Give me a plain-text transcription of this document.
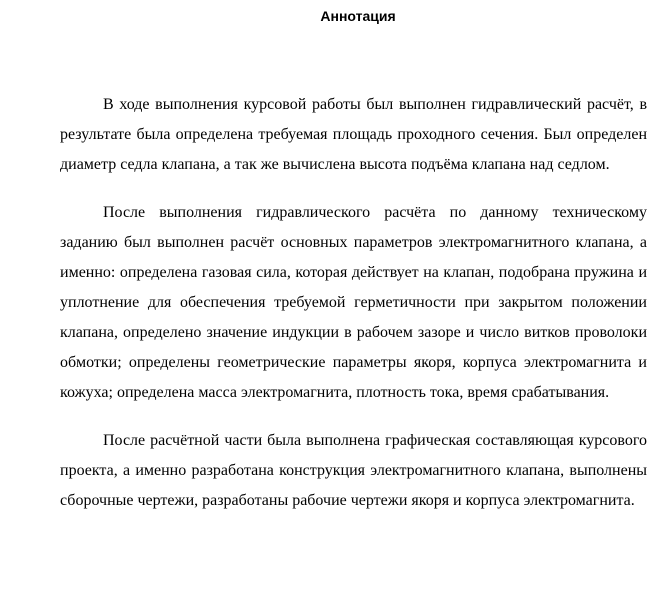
Аннотация

В ходе выполнения курсовой работы был выполнен гидравлический расчёт, в результате была определена требуемая площадь проходного сечения. Был определен диаметр седла клапана, а так же вычислена высота подъёма клапана над седлом.

После выполнения гидравлического расчёта по данному техническому заданию был выполнен расчёт основных параметров электромагнитного клапана, а именно: определена газовая сила, которая действует на клапан, подобрана пружина и уплотнение для обеспечения требуемой герметичности при закрытом положении клапана, определено значение индукции в рабочем зазоре и число витков проволоки обмотки; определены геометрические параметры якоря, корпуса электромагнита и кожуха; определена масса электромагнита, плотность тока, время срабатывания.

После расчётной части была выполнена графическая составляющая курсового проекта, а именно разработана конструкция электромагнитного клапана, выполнены сборочные чертежи, разработаны рабочие чертежи якоря и корпуса электромагнита.
